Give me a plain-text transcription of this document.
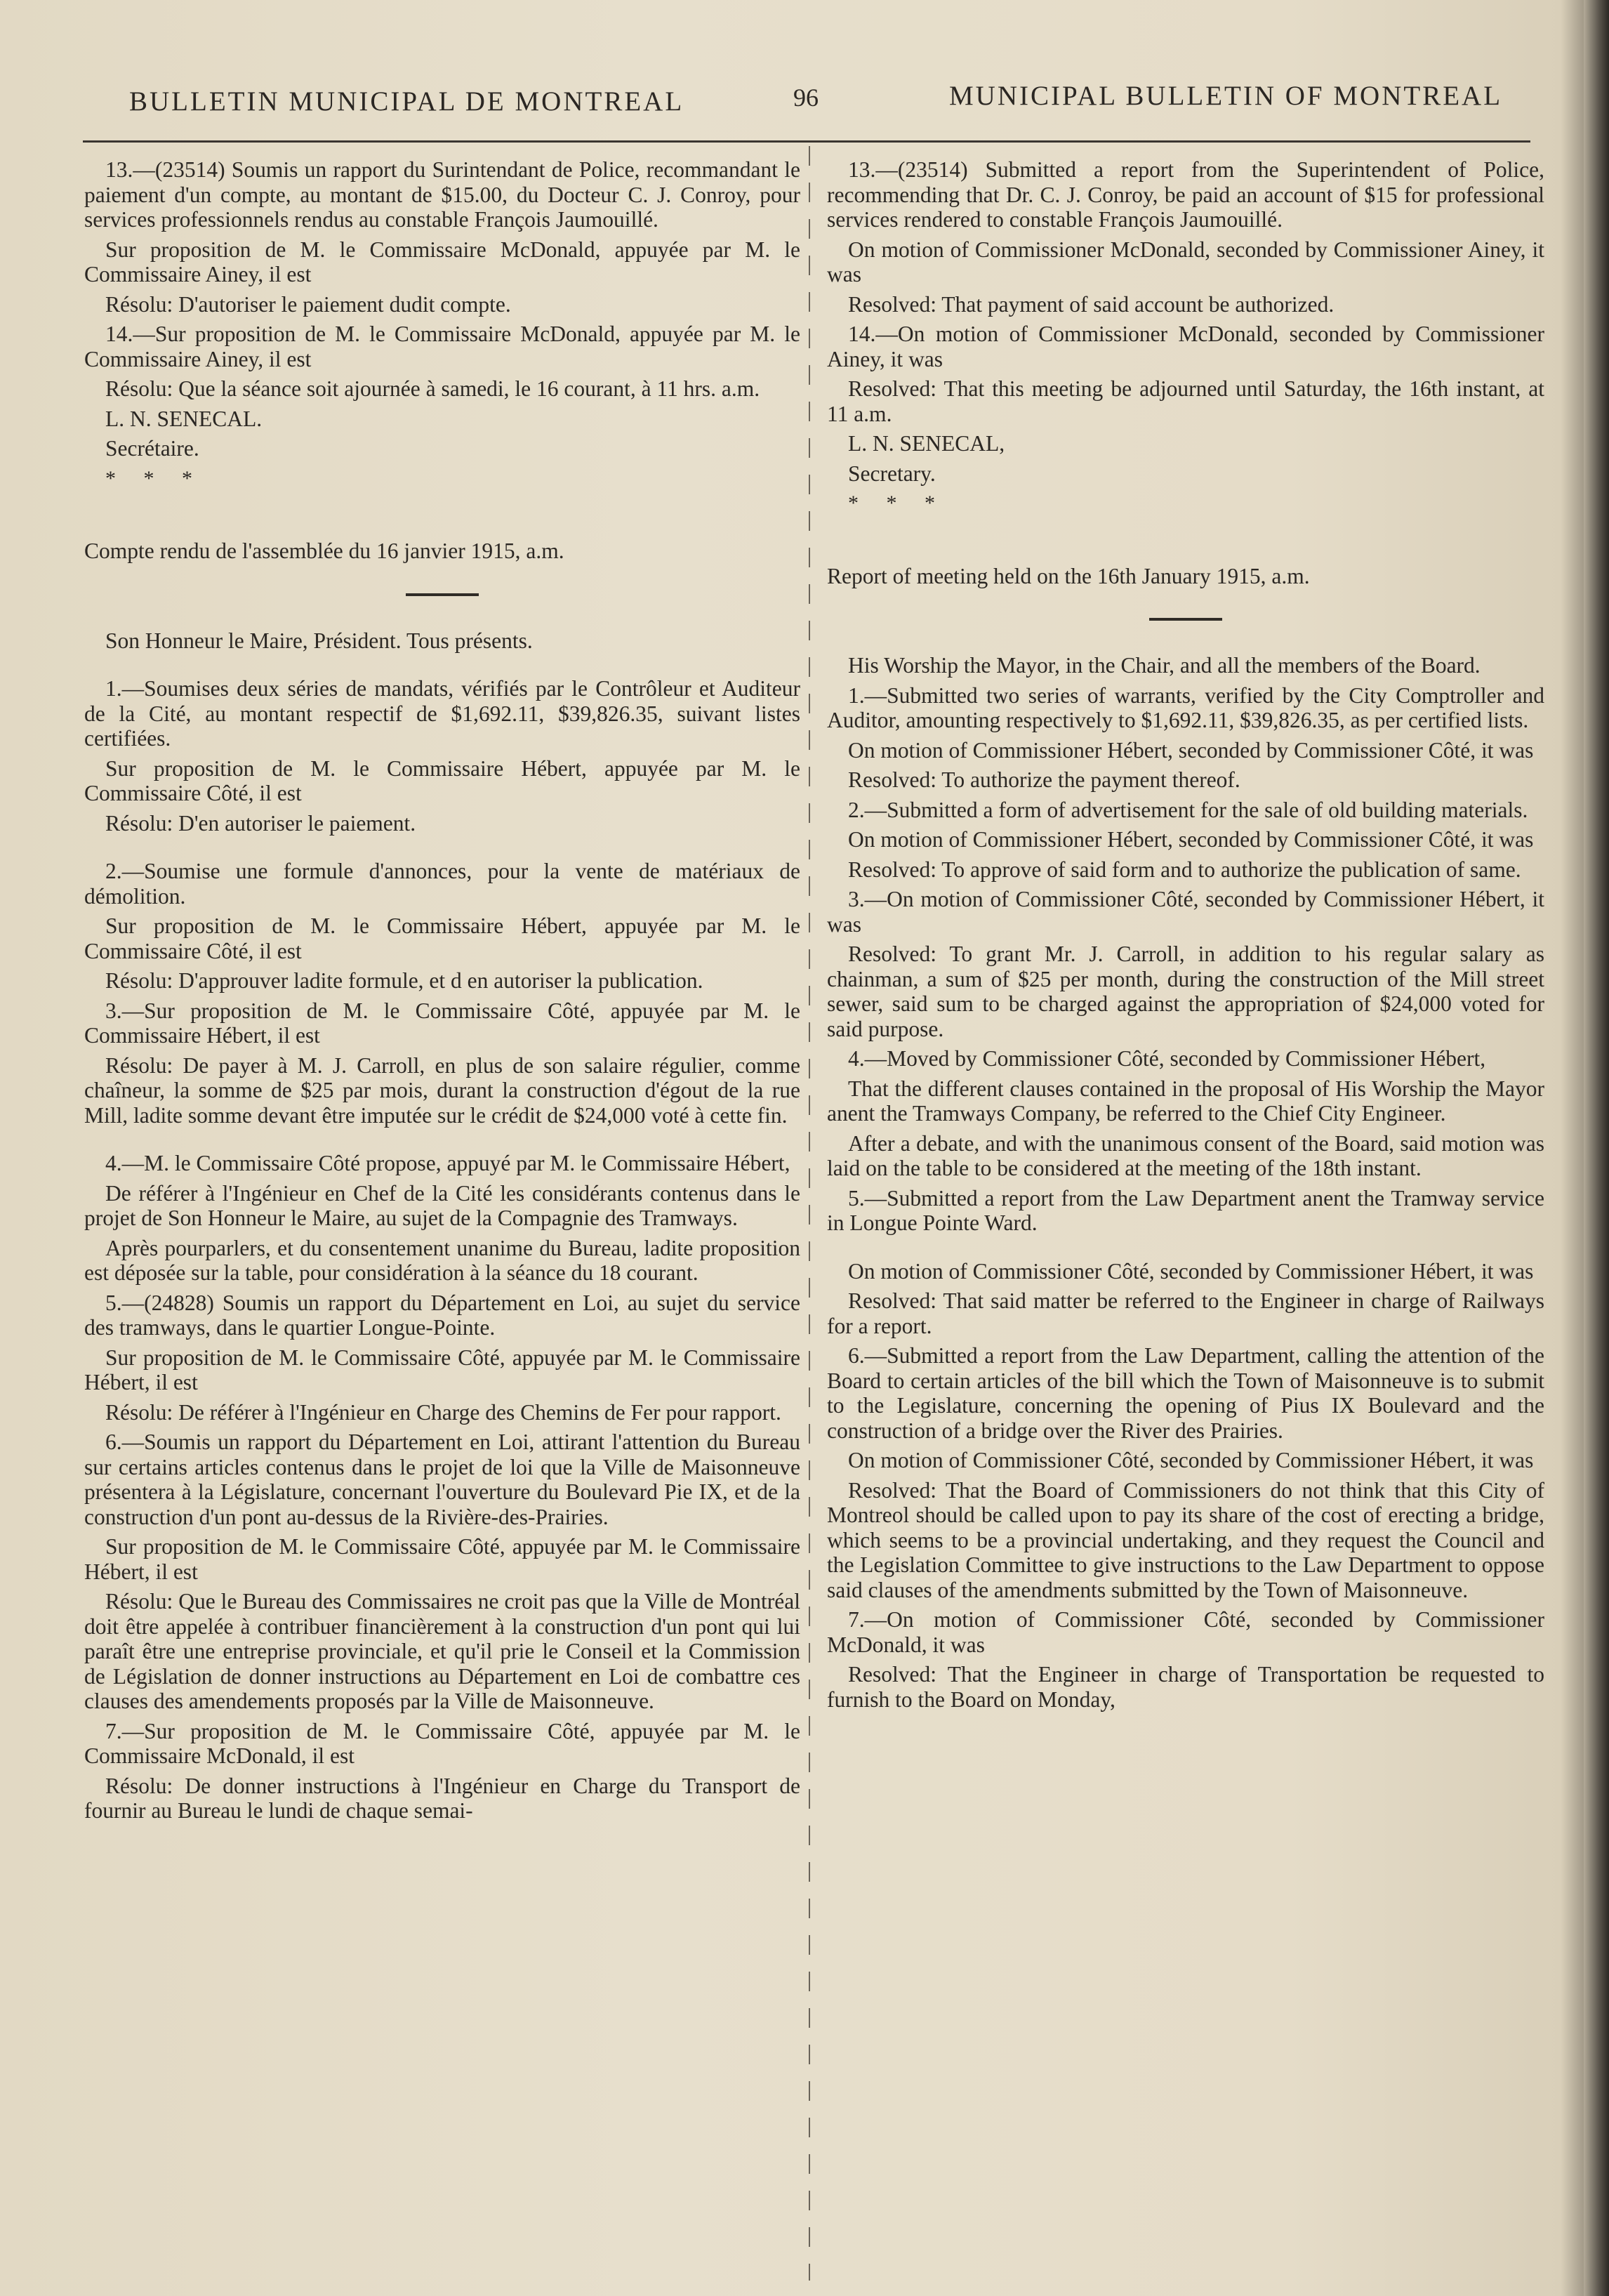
BULLETIN MUNICIPAL DE MONTREAL	96	MUNICIPAL BULLETIN OF MONTREAL

13.—(23514) Soumis un rapport du Surintendant de Police, recommandant le paiement d'un compte, au montant de $15.00, du Docteur C. J. Conroy, pour services professionnels rendus au constable François Jaumouillé.

Sur proposition de M. le Commissaire McDonald, appuyée par M. le Commissaire Ainey, il est

Résolu: D'autoriser le paiement dudit compte.

14.—Sur proposition de M. le Commissaire McDonald, appuyée par M. le Commissaire Ainey, il est

Résolu: Que la séance soit ajournée à samedi, le 16 courant, à 11 hrs. a.m.

L. N. SENECAL.

Secrétaire.

* * *

Compte rendu de l'assemblée du 16 janvier 1915, a.m.

Son Honneur le Maire, Président. Tous présents.

1.—Soumises deux séries de mandats, vérifiés par le Contrôleur et Auditeur de la Cité, au montant respectif de $1,692.11, $39,826.35, suivant listes certifiées.

Sur proposition de M. le Commissaire Hébert, appuyée par M. le Commissaire Côté, il est

Résolu: D'en autoriser le paiement.

2.—Soumise une formule d'annonces, pour la vente de matériaux de démolition.

Sur proposition de M. le Commissaire Hébert, appuyée par M. le Commissaire Côté, il est

Résolu: D'approuver ladite formule, et d en autoriser la publication.

3.—Sur proposition de M. le Commissaire Côté, appuyée par M. le Commissaire Hébert, il est

Résolu: De payer à M. J. Carroll, en plus de son salaire régulier, comme chaîneur, la somme de $25 par mois, durant la construction d'égout de la rue Mill, ladite somme devant être imputée sur le crédit de $24,000 voté à cette fin.

4.—M. le Commissaire Côté propose, appuyé par M. le Commissaire Hébert,

De référer à l'Ingénieur en Chef de la Cité les considérants contenus dans le projet de Son Honneur le Maire, au sujet de la Compagnie des Tramways.

Après pourparlers, et du consentement unanime du Bureau, ladite proposition est déposée sur la table, pour considération à la séance du 18 courant.

5.—(24828) Soumis un rapport du Département en Loi, au sujet du service des tramways, dans le quartier Longue-Pointe.

Sur proposition de M. le Commissaire Côté, appuyée par M. le Commissaire Hébert, il est

Résolu: De référer à l'Ingénieur en Charge des Chemins de Fer pour rapport.

6.—Soumis un rapport du Département en Loi, attirant l'attention du Bureau sur certains articles contenus dans le projet de loi que la Ville de Maisonneuve présentera à la Législature, concernant l'ouverture du Boulevard Pie IX, et de la construction d'un pont au-dessus de la Rivière-des-Prairies.

Sur proposition de M. le Commissaire Côté, appuyée par M. le Commissaire Hébert, il est

Résolu: Que le Bureau des Commissaires ne croit pas que la Ville de Montréal doit être appelée à contribuer financièrement à la construction d'un pont qui lui paraît être une entreprise provinciale, et qu'il prie le Conseil et la Commission de Législation de donner instructions au Département en Loi de combattre ces clauses des amendements proposés par la Ville de Maisonneuve.

7.—Sur proposition de M. le Commissaire Côté, appuyée par M. le Commissaire McDonald, il est

Résolu: De donner instructions à l'Ingénieur en Charge du Transport de fournir au Bureau le lundi de chaque semai-

13.—(23514) Submitted a report from the Superintendent of Police, recommending that Dr. C. J. Conroy, be paid an account of $15 for professional services rendered to constable François Jaumouillé.

On motion of Commissioner McDonald, seconded by Commissioner Ainey, it was

Resolved: That payment of said account be authorized.

14.—On motion of Commissioner McDonald, seconded by Commissioner Ainey, it was

Resolved: That this meeting be adjourned until Saturday, the 16th instant, at 11 a.m.

L. N. SENECAL,

Secretary.

* * *

Report of meeting held on the 16th January 1915, a.m.

His Worship the Mayor, in the Chair, and all the members of the Board.

1.—Submitted two series of warrants, verified by the City Comptroller and Auditor, amounting respectively to $1,692.11, $39,826.35, as per certified lists.

On motion of Commissioner Hébert, seconded by Commissioner Côté, it was

Resolved: To authorize the payment thereof.

2.—Submitted a form of advertisement for the sale of old building materials.

On motion of Commissioner Hébert, seconded by Commissioner Côté, it was

Resolved: To approve of said form and to authorize the publication of same.

3.—On motion of Commissioner Côté, seconded by Commissioner Hébert, it was

Resolved: To grant Mr. J. Carroll, in addition to his regular salary as chainman, a sum of $25 per month, during the construction of the Mill street sewer, said sum to be charged against the appropriation of $24,000 voted for said purpose.

4.—Moved by Commissioner Côté, seconded by Commissioner Hébert,

That the different clauses contained in the proposal of His Worship the Mayor anent the Tramways Company, be referred to the Chief City Engineer.

After a debate, and with the unanimous consent of the Board, said motion was laid on the table to be considered at the meeting of the 18th instant.

5.—Submitted a report from the Law Department anent the Tramway service in Longue Pointe Ward.

On motion of Commissioner Côté, seconded by Commissioner Hébert, it was

Resolved: That said matter be referred to the Engineer in charge of Railways for a report.

6.—Submitted a report from the Law Department, calling the attention of the Board to certain articles of the bill which the Town of Maisonneuve is to submit to the Legislature, concerning the opening of Pius IX Boulevard and the construction of a bridge over the River des Prairies.

On motion of Commissioner Côté, seconded by Commissioner Hébert, it was

Resolved: That the Board of Commissioners do not think that this City of Montreol should be called upon to pay its share of the cost of erecting a bridge, which seems to be a provincial undertaking, and they request the Council and the Legislation Committee to give instructions to the Law Department to oppose said clauses of the amendments submitted by the Town of Maisonneuve.

7.—On motion of Commissioner Côté, seconded by Commissioner McDonald, it was

Resolved: That the Engineer in charge of Transportation be requested to furnish to the Board on Monday,
